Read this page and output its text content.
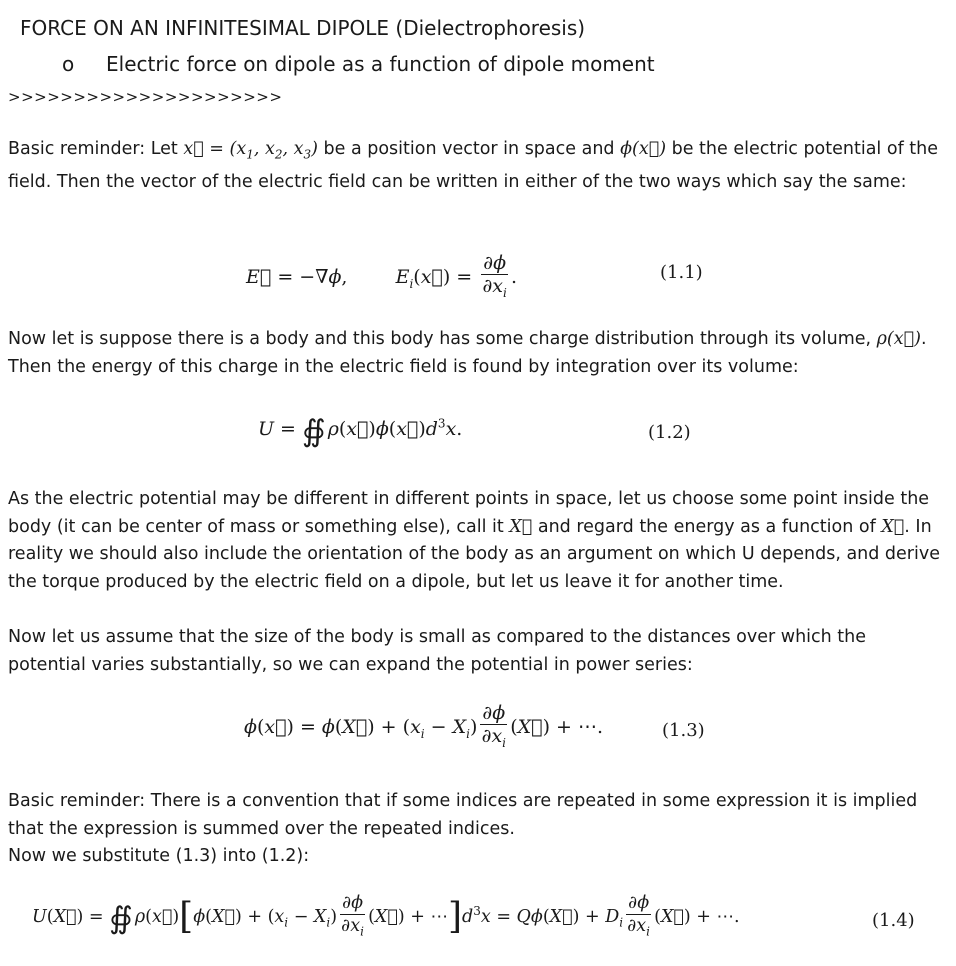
FORCE ON AN INFINITESIMAL DIPOLE (Dielectrophoresis)
o Electric force on dipole as a function of dipole moment
>>>>>>>>>>>>>>>>>>>>>
Basic reminder: Let x⃗ = ($x_1$, $x_2$, $x_3$) be a position vector in space and ϕ(x⃗) be the electric potential of the field. Then the vector of the electric field can be written in either of the two ways which say the same:
E⃗ = −∇ϕ,  $E_i(x⃗) = \frac{\partial\phi}{\partial x_i}$ .	(1.1)
Now let is suppose there is a body and this body has some charge distribution through its volume, ρ(x⃗). Then the energy of this charge in the electric field is found by integration over its volume:
U = ∯ $\rho(x⃗)\phi(x⃗)d^3x$.	(1.2)
As the electric potential may be different in different points in space, let us choose some point inside the body (it can be center of mass or something else), call it X⃗ and regard the energy as a function of X⃗. In reality we should also include the orientation of the body as an argument on which U depends, and derive the torque produced by the electric field on a dipole, but let us leave it for another time.
Now let us assume that the size of the body is small as compared to the distances over which the potential varies substantially, so we can expand the potential in power series:
ϕ(x⃗) = ϕ(X⃗) + $(x_i - X_i) \frac{\partial\phi}{\partial x_i}$ (X⃗) + ⋯.	(1.3)
Basic reminder: There is a convention that if some indices are repeated in some expression it is implied that the expression is summed over the repeated indices.
Now we substitute (1.3) into (1.2):
U(X⃗) = ∯ ρ(x⃗)[ϕ(X⃗) + $(x_i - X_i) \frac{\partial\phi}{\partial x_i}$ (X⃗) + $\cdots]d^3x$ = Qϕ(X⃗) + $D_i \frac{\partial\phi}{\partial x_i}$ (X⃗) + ⋯.	(1.4)
